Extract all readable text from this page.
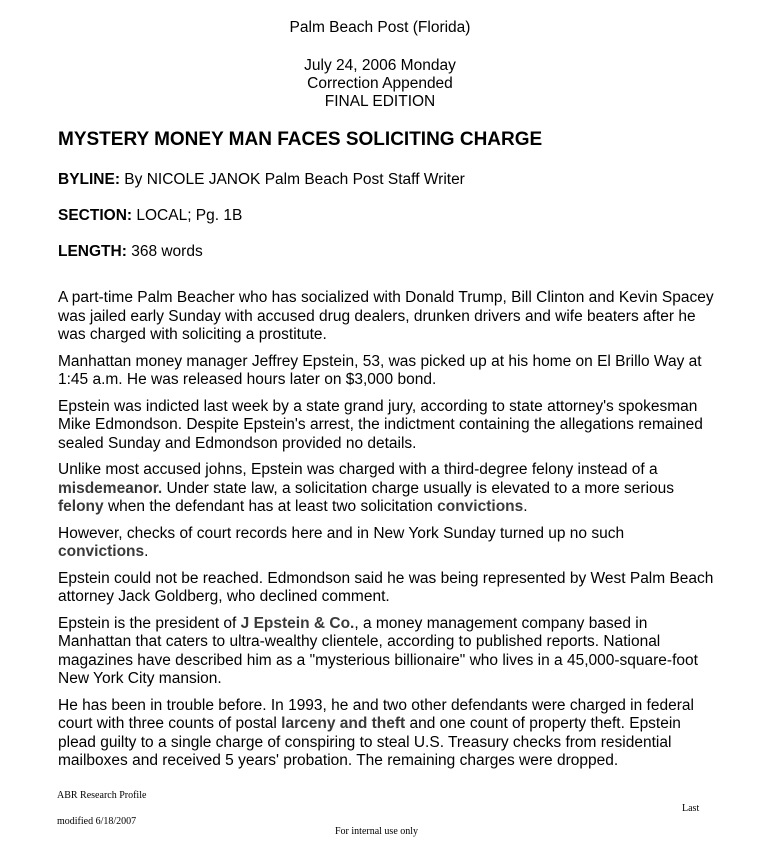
Palm Beach Post (Florida)
July 24, 2006 Monday
Correction Appended
FINAL EDITION
MYSTERY MONEY MAN FACES SOLICITING CHARGE
BYLINE: By NICOLE JANOK Palm Beach Post Staff Writer
SECTION: LOCAL; Pg. 1B
LENGTH: 368 words

A part-time Palm Beacher who has socialized with Donald Trump, Bill Clinton and Kevin Spacey was jailed early Sunday with accused drug dealers, drunken drivers and wife beaters after he was charged with soliciting a prostitute.

Manhattan money manager Jeffrey Epstein, 53, was picked up at his home on El Brillo Way at 1:45 a.m. He was released hours later on $3,000 bond.

Epstein was indicted last week by a state grand jury, according to state attorney's spokesman Mike Edmondson. Despite Epstein's arrest, the indictment containing the allegations remained sealed Sunday and Edmondson provided no details.

Unlike most accused johns, Epstein was charged with a third-degree felony instead of a misdemeanor. Under state law, a solicitation charge usually is elevated to a more serious felony when the defendant has at least two solicitation convictions.

However, checks of court records here and in New York Sunday turned up no such convictions.

Epstein could not be reached. Edmondson said he was being represented by West Palm Beach attorney Jack Goldberg, who declined comment.

Epstein is the president of J Epstein & Co., a money management company based in Manhattan that caters to ultra-wealthy clientele, according to published reports. National magazines have described him as a "mysterious billionaire" who lives in a 45,000-square-foot New York City mansion.

He has been in trouble before. In 1993, he and two other defendants were charged in federal court with three counts of postal larceny and theft and one count of property theft. Epstein plead guilty to a single charge of conspiring to steal U.S. Treasury checks from residential mailboxes and received 5 years' probation. The remaining charges were dropped.

ABR Research Profile
Last
modified 6/18/2007
For internal use only
